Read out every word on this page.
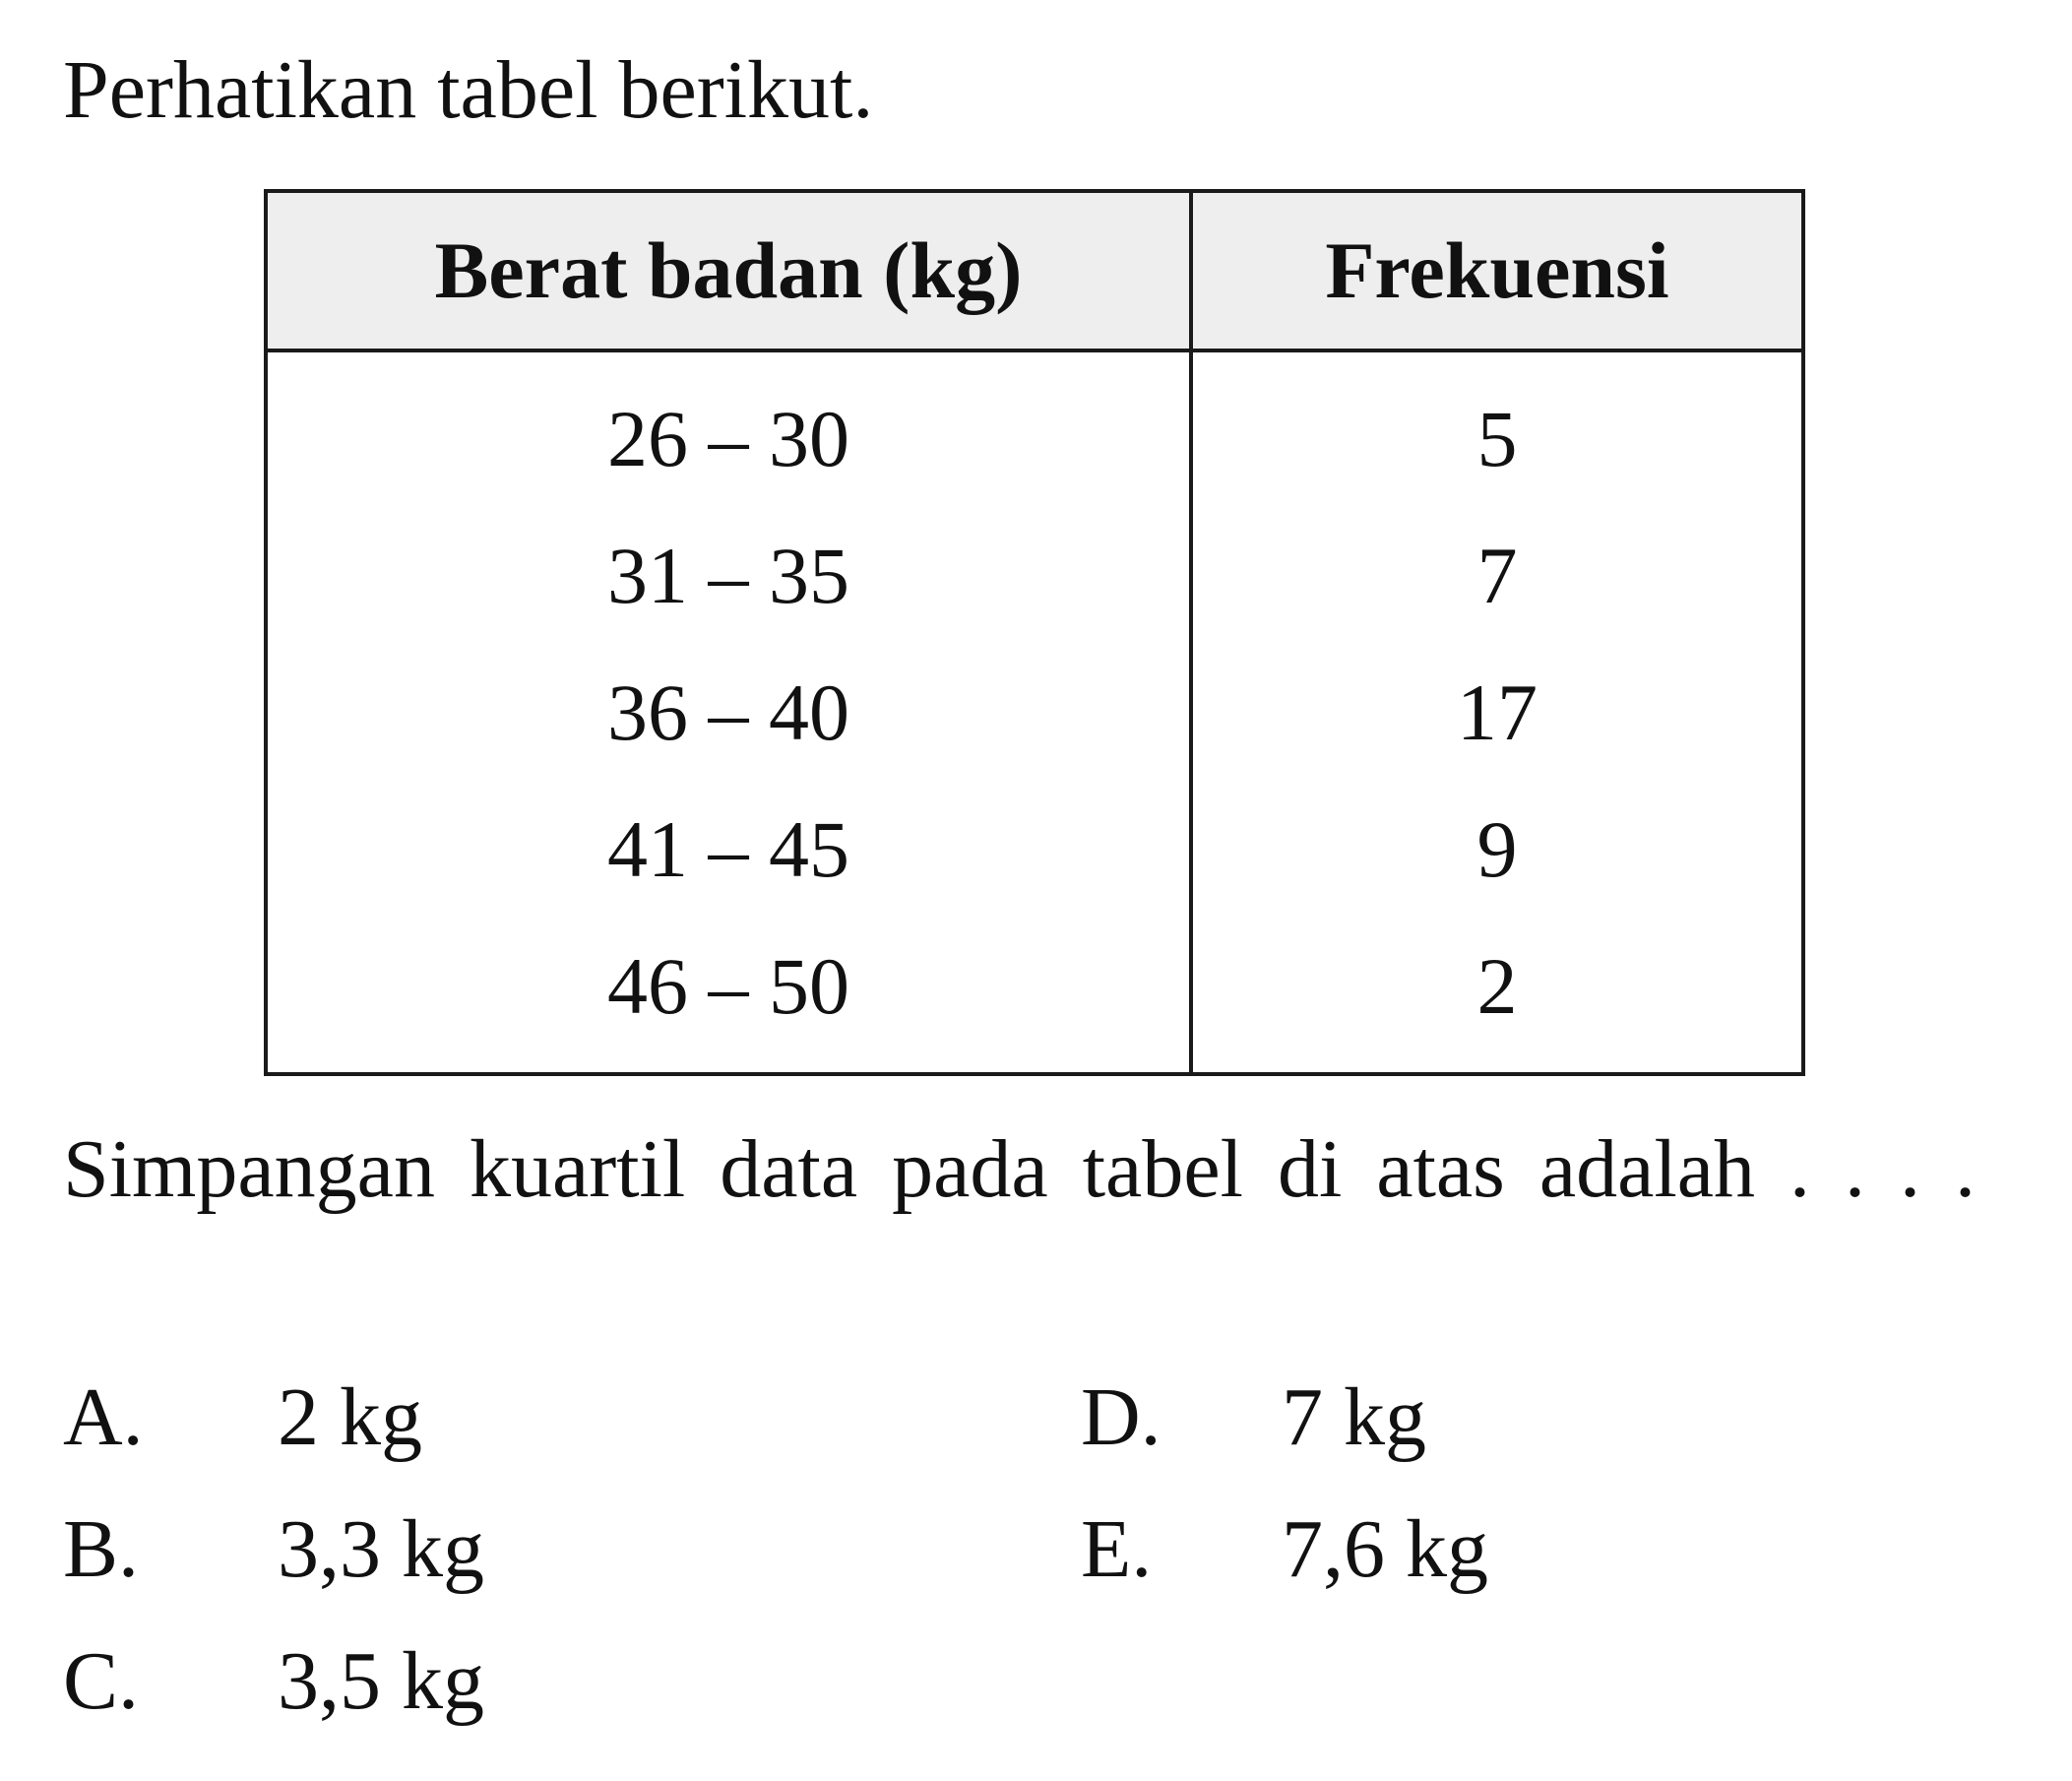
Perhatikan tabel berikut.

Berat badan (kg)	Frekuensi
26 – 30	5
31 – 35	7
36 – 40	17
41 – 45	9
46 – 50	2

Simpangan kuartil data pada tabel di atas adalah . . . .

A. 2 kg
B. 3,3 kg
C. 3,5 kg
D. 7 kg
E. 7,6 kg
